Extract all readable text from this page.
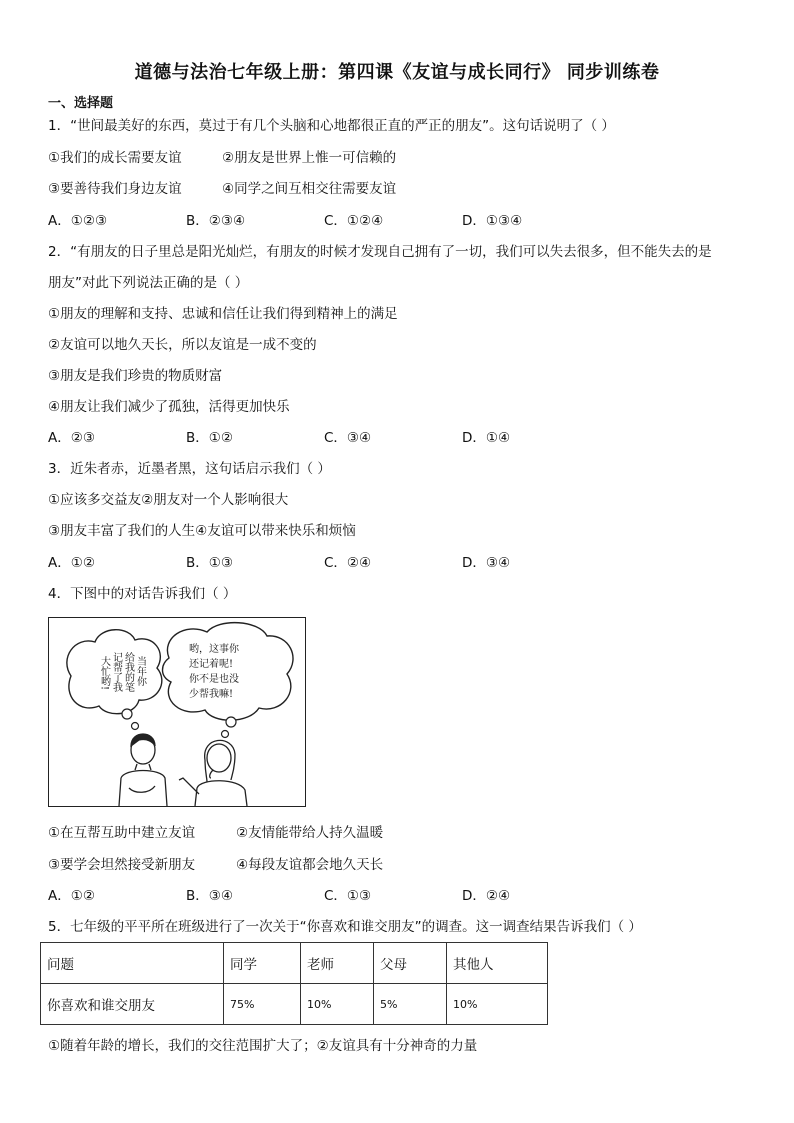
道德与法治七年级上册：第四课《友谊与成长同行》 同步训练卷
一、选择题
1．“世间最美好的东西，莫过于有几个头脑和心地都很正直的严正的朋友”。这句话说明了（ ）
①我们的成长需要友谊	②朋友是世界上惟一可信赖的
③要善待我们身边友谊	④同学之间互相交往需要友谊
A．①②③	B．②③④	C．①②④	D．①③④
2．“有朋友的日子里总是阳光灿烂，有朋友的时候才发现自己拥有了一切，我们可以失去很多，但不能失去的是
朋友”对此下列说法正确的是（ ）
①朋友的理解和支持、忠诚和信任让我们得到精神上的满足
②友谊可以地久天长，所以友谊是一成不变的
③朋友是我们珍贵的物质财富
④朋友让我们减少了孤独，活得更加快乐
A．②③	B．①②	C．③④	D．①④
3．近朱者赤，近墨者黑，这句话启示我们（ ）
①应该多交益友②朋友对一个人影响很大
③朋友丰富了我们的人生④友谊可以带来快乐和烦恼
A．①②	B．①③	C．②④	D．③④
4．下图中的对话告诉我们（ ）
当年你
给我的笔
记帮了我
大忙哟!
哟，这事你
还记着呢!
你不是也没
少帮我嘛!
①在互帮互助中建立友谊	②友情能带给人持久温暖
③要学会坦然接受新朋友	④每段友谊都会地久天长
A．①②	B．③④	C．①③	D．②④
5．七年级的平平所在班级进行了一次关于“你喜欢和谁交朋友”的调查。这一调查结果告诉我们（ ）
问题	同学	老师	父母	其他人
你喜欢和谁交朋友	75%	10%	5%	10%
①随着年龄的增长，我们的交往范围扩大了；②友谊具有十分神奇的力量
